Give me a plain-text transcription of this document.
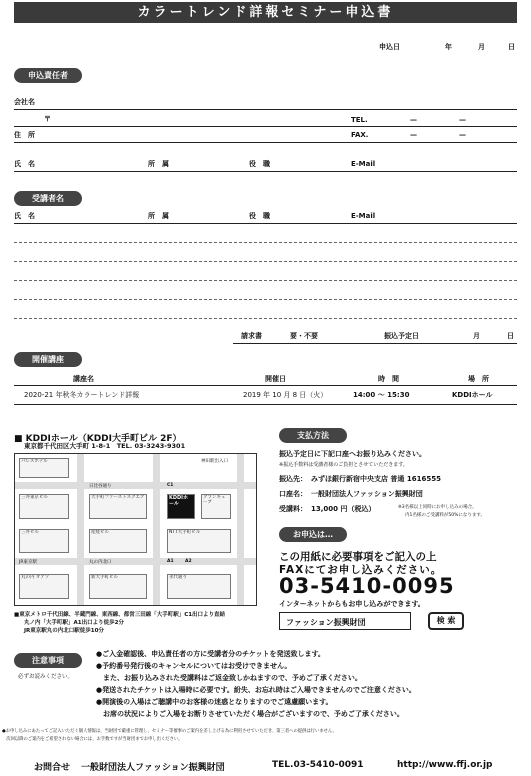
カラートレンド詳報セミナー申込書
申込日	年	月	日
申込責任者
会社名
〒
住　所
TEL.	—	—
FAX.	—	—
氏　名	所　属	役　職	E-Mail
受講者名
氏　名	所　属	役　職	E-Mail
請求書	要・不要	振込予定日	月	日
開催講座
講座名	開催日	時　間	場　所
2020-21 年秋冬カラートレンド詳報	2019 年 10 月 8 日（火）	14:00 〜 15:30	KDDIホール
■ KDDIホール（KDDI大手町ビル 2F）
東京都千代田区大手町 1-8-1　TEL. 03-3243-9301
パレスホテル
三井東京ビル
三井ビル
丸の内 オアゾ
大手町ファーストスクエア
産経ビル
新大手町ビル
KDDIホール
グランキューブ
NTT大手町ビル
永代通り
日比谷通り	C1
A1	A2
JR東京駅	丸の内北口
神田駅出入口
■東京メトロ千代田線、半蔵門線、東西線、都営三田線「大手町駅」C1出口より直結
丸ノ内「大手町駅」A1出口より徒歩2分
JR東京駅丸の内北口駅徒歩10分
支払方法
振込予定日に下記口座へお振り込みください。
※振込手数料は受講者様のご負担とさせていただきます。
振込先： みずほ銀行新宿中央支店 普通 1616555
口座名： 一般財団法人ファッション振興財団
受講料： 13,000 円（税込）	※3名様以上同時にお申し込みの場合、
内1名様のご受講料が50%になります。
お申込は…
この用紙に必要事項をご記入の上
FAXにてお申し込みください。
03-5410-0095
インターネットからもお申し込みができます。
ファッション振興財団	検 索
注意事項
必ずお読みください。
●ご入金確認後、申込責任者の方に受講者分のチケットを発送致します。
●予約番号発行後のキャンセルについてはお受けできません。
　また、お振り込みされた受講料はご返金致しかねますので、予めご了承ください。
●発送されたチケットは入場時に必要です。紛失、お忘れ時はご入場できませんのでご注意ください。
●開演後の入場はご聴講中のお客様の迷惑となりますのでご遠慮願います。
　お席の状況によりご入場をお断りさせていただく場合がございますので、予めご了承ください。
●お申し込みにあたってご記入いただく個人情報は、当財団で厳重に管理し、セミナー等催事のご案内を差し上げる為に利用させていただき、第三者への提供は行いません。
　次回以降のご案内をご希望されない場合には、お手数ですが当財団までお申し出ください。
お問合せ 一般財団法人ファッション振興財団	TEL.03-5410-0091	http://www.ffj.or.jp
